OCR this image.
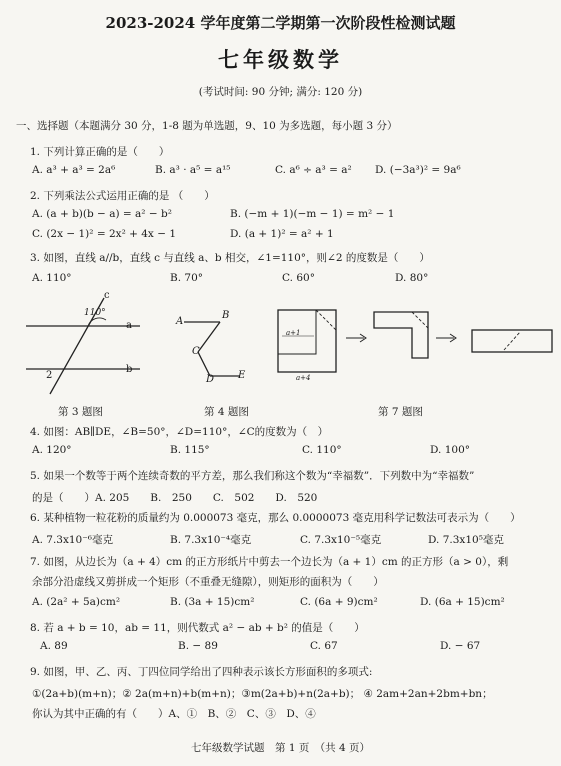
2023-2024 学年度第二学期第一次阶段性检测试题
七年级数学
(考试时间: 90 分钟; 满分: 120 分)
一、选择题（本题满分 30 分，1-8 题为单选题，9、10 为多选题，每小题 3 分）
1. 下列计算正确的是（　　）
A. a³ + a³ = 2a⁶	B. a³ · a⁵ = a¹⁵	C. a⁶ ÷ a³ = a² D. (−3a³)² = 9a⁶
2. 下列乘法公式运用正确的是 （　　）
A. (a + b)(b − a) = a² − b²	B. (−m + 1)(−m − 1) = m² − 1
C. (2x − 1)² = 2x² + 4x − 1	D. (a + 1)² = a² + 1
3. 如图，直线 a//b，直线 c 与直线 a、b 相交，∠1=110°，则∠2 的度数是（　　）
A. 110°	B. 70°	C. 60°	D. 80°
c
110°
a
b
2
第 3 题图
A
B
C
D E
第 4 题图
a+1
a+4
第 7 题图
4. 如图：AB∥DE，∠B=50°，∠D=110°，∠C的度数为（　）
A. 120°	B. 115°	C. 110°	D. 100°
5. 如果一个数等于两个连续奇数的平方差，那么我们称这个数为“幸福数”．下列数中为“幸福数”
的是（　　）A. 205　　B.　250　　C.　502　　D.　520
6. 某种植物一粒花粉的质量约为 0.000073 毫克，那么 0.0000073 毫克用科学记数法可表示为（　　）
A. 7.3x10⁻⁶毫克	B. 7.3x10⁻⁴毫克	C. 7.3x10⁻⁵毫克	D. 7.3x10⁵毫克
7. 如图，从边长为（a + 4）cm 的正方形纸片中剪去一个边长为（a + 1）cm 的正方形（a > 0），剩
余部分沿虚线又剪拼成一个矩形（不重叠无缝隙），则矩形的面积为（　　）
A. (2a² + 5a)cm²	B. (3a + 15)cm²	C. (6a + 9)cm²	D. (6a + 15)cm²
8. 若 a + b = 10，ab = 11，则代数式 a² − ab + b² 的值是（　　）
A. 89	B. − 89	C. 67	D. − 67
9. 如图，甲、乙、丙、丁四位同学给出了四种表示该长方形面积的多项式:
①(2a+b)(m+n)；② 2a(m+n)+b(m+n)；③m(2a+b)+n(2a+b)； ④ 2am+2an+2bm+bn；
你认为其中正确的有（　　）A、①　B、②　C、③　D、④
七年级数学试题　第 1 页　（共 4 页）
